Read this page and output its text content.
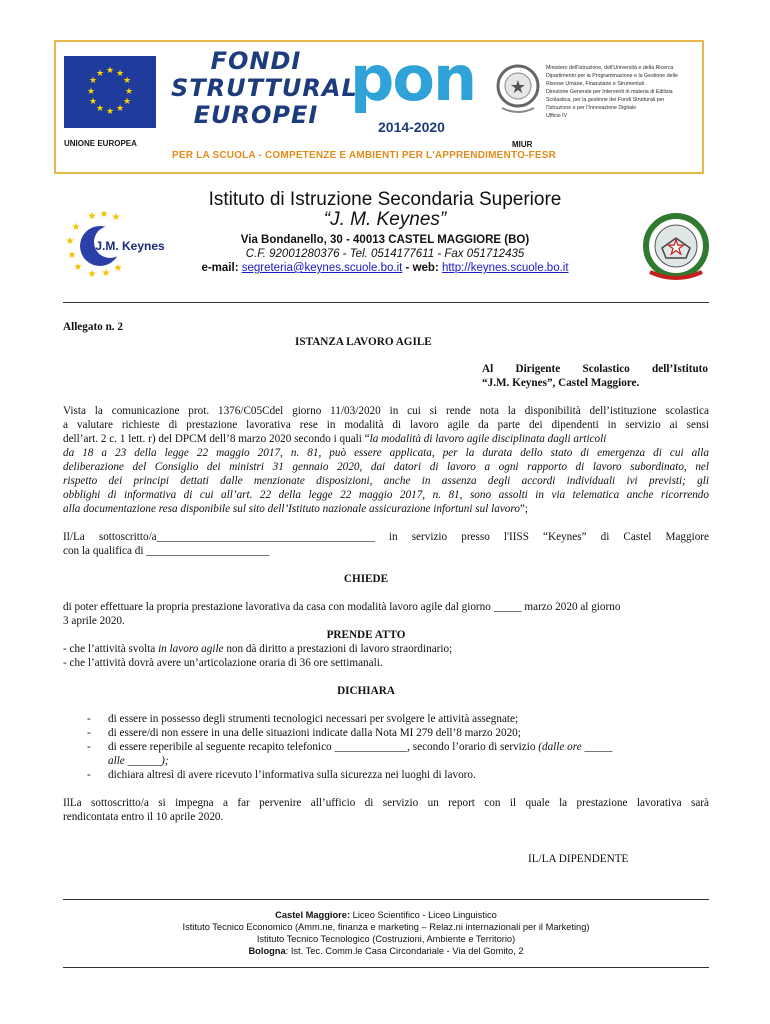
★ ★
★
★
★
★
★
★
★
★
★
★
UNIONE EUROPEA
FONDI
STRUTTURALI
EUROPEI pon
2014-2020
★
MIUR
Ministero dell'Istruzione, dell'Università e della Ricerca
Dipartimento per la Programmazione e la Gestione delle
Risorse Umane, Finanziarie e Strumentali
Direzione Generale per Interventi in materia di Edilizia
Scolastica, per la gestione dei Fondi Strutturali per
l'Istruzione e per l'Innovazione Digitale
Ufficio IV
PER LA SCUOLA - COMPETENZE E AMBIENTI PER L'APPRENDIMENTO-FESR
★ ★ ★
★
★
★
★
★ ★ ★
J.M. Keynes
Istituto di Istruzione Secondaria Superiore
“J. M. Keynes”
Via Bondanello, 30 - 40013 CASTEL MAGGIORE (BO)
C.F. 92001280376 - Tel. 0514177611 - Fax 051712435
e-mail: segreteria@keynes.scuole.bo.it - web: http://keynes.scuole.bo.it
★
Allegato n. 2
ISTANZA LAVORO AGILE
Al Dirigente Scolastico dell’Istituto
“J.M. Keynes”, Castel Maggiore.
Vista la comunicazione prot. 1376/C05Cdel giorno 11/03/2020 in cui si rende nota la disponibilità dell’istituzione scolastica
a valutare richieste di prestazione lavorativa rese in modalità di lavoro agile da parte dei dipendenti in servizio ai sensi
dell’art. 2 c. 1 lett. r) del DPCM dell’8 marzo 2020 secondo i quali “la modalità di lavoro agile disciplinata dagli articoli
da 18 a 23 della legge 22 maggio 2017, n. 81, può essere applicata, per la durata dello stato di emergenza di cui alla
deliberazione del Consiglio dei ministri 31 gennaio 2020, dai datori di lavoro a ogni rapporto di lavoro subordinato, nel
rispetto dei principi dettati dalle menzionate disposizioni, anche in assenza degli accordi individuali ivi previsti; gli
obblighi di informativa di cui all’art. 22 della legge 22 maggio 2017, n. 81, sono assolti in via telematica anche ricorrendo
alla documentazione resa disponibile sul sito dell’Istituto nazionale assicurazione infortuni sul lavoro”;
Il/La sottoscritto/a_______________________________________ in servizio presso l'IISS “Keynes” di Castel Maggiore
con la qualifica di ______________________
CHIEDE
di poter effettuare la propria prestazione lavorativa da casa con modalità lavoro agile dal giorno _____ marzo 2020 al giorno
3 aprile 2020.
PRENDE ATTO
- che l’attività svolta in lavoro agile non dà diritto a prestazioni di lavoro straordinario;
- che l’attività dovrà avere un’articolazione oraria di 36 ore settimanali.
DICHIARA
- di essere in possesso degli strumenti tecnologici necessari per svolgere le attività assegnate;
- di essere/di non essere in una delle situazioni indicate dalla Nota MI 279 dell’8 marzo 2020;
- di essere reperibile al seguente recapito telefonico _____________, secondo l’orario di servizio (dalle ore _____
alle ______);
- dichiara altresì di avere ricevuto l’informativa sulla sicurezza nei luoghi di lavoro.
IlLa sottoscritto/a si impegna a far pervenire all’ufficio di servizio un report con il quale la prestazione lavorativa sarà
rendicontata entro il 10 aprile 2020.
IL/LA DIPENDENTE
Castel Maggiore: Liceo Scientifico - Liceo Linguistico
Istituto Tecnico Economico (Amm.ne, finanza e marketing – Relaz.ni internazionali per il Marketing)
Istituto Tecnico Tecnologico (Costruzioni, Ambiente e Territorio)
Bologna: Ist. Tec. Comm.le Casa Circondariale - Via del Gomito, 2
